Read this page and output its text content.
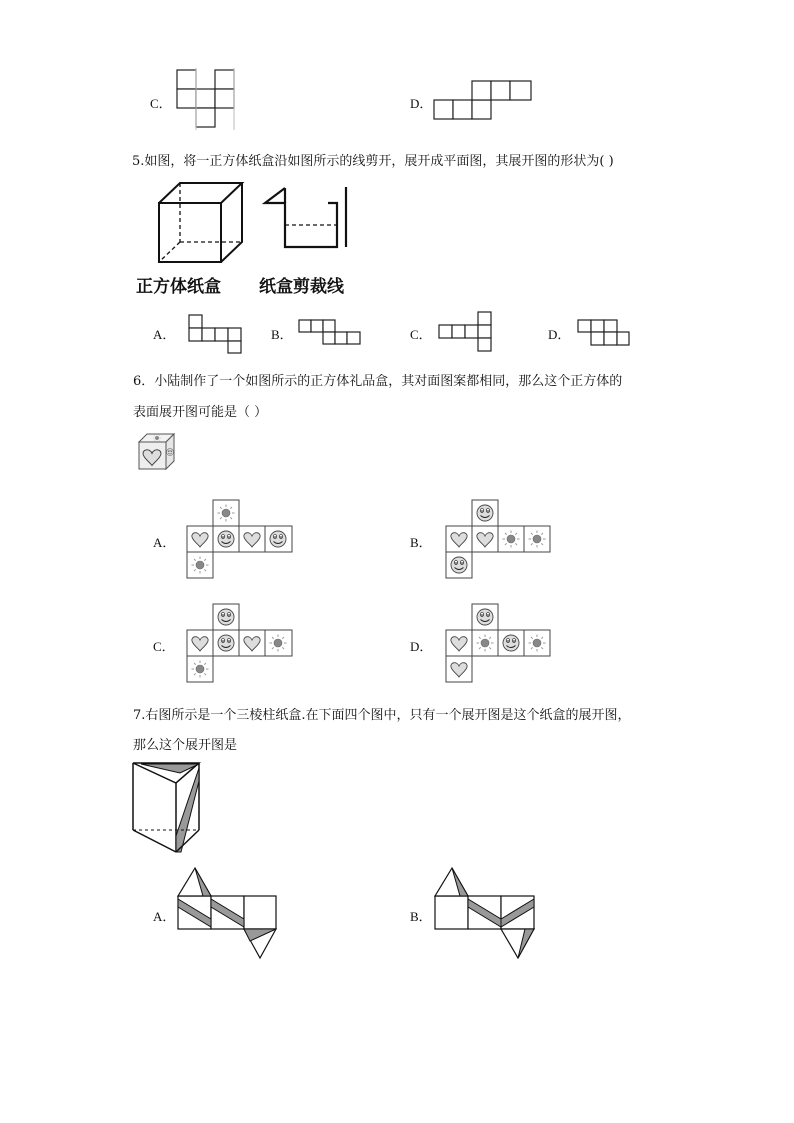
C．	D．
5.如图，将一正方体纸盒沿如图所示的线剪开，展开成平面图，其展开图的形状为( )
正方体纸盒 纸盒剪裁线
A．	B．	C．	D．
6．小陆制作了一个如图所示的正方体礼品盒，其对面图案都相同，那么这个正方体的
表面展开图可能是（ ）
A．	B．
C．	D．
7.右图所示是一个三棱柱纸盒.在下面四个图中，只有一个展开图是这个纸盒的展开图，
那么这个展开图是
A．	B．
